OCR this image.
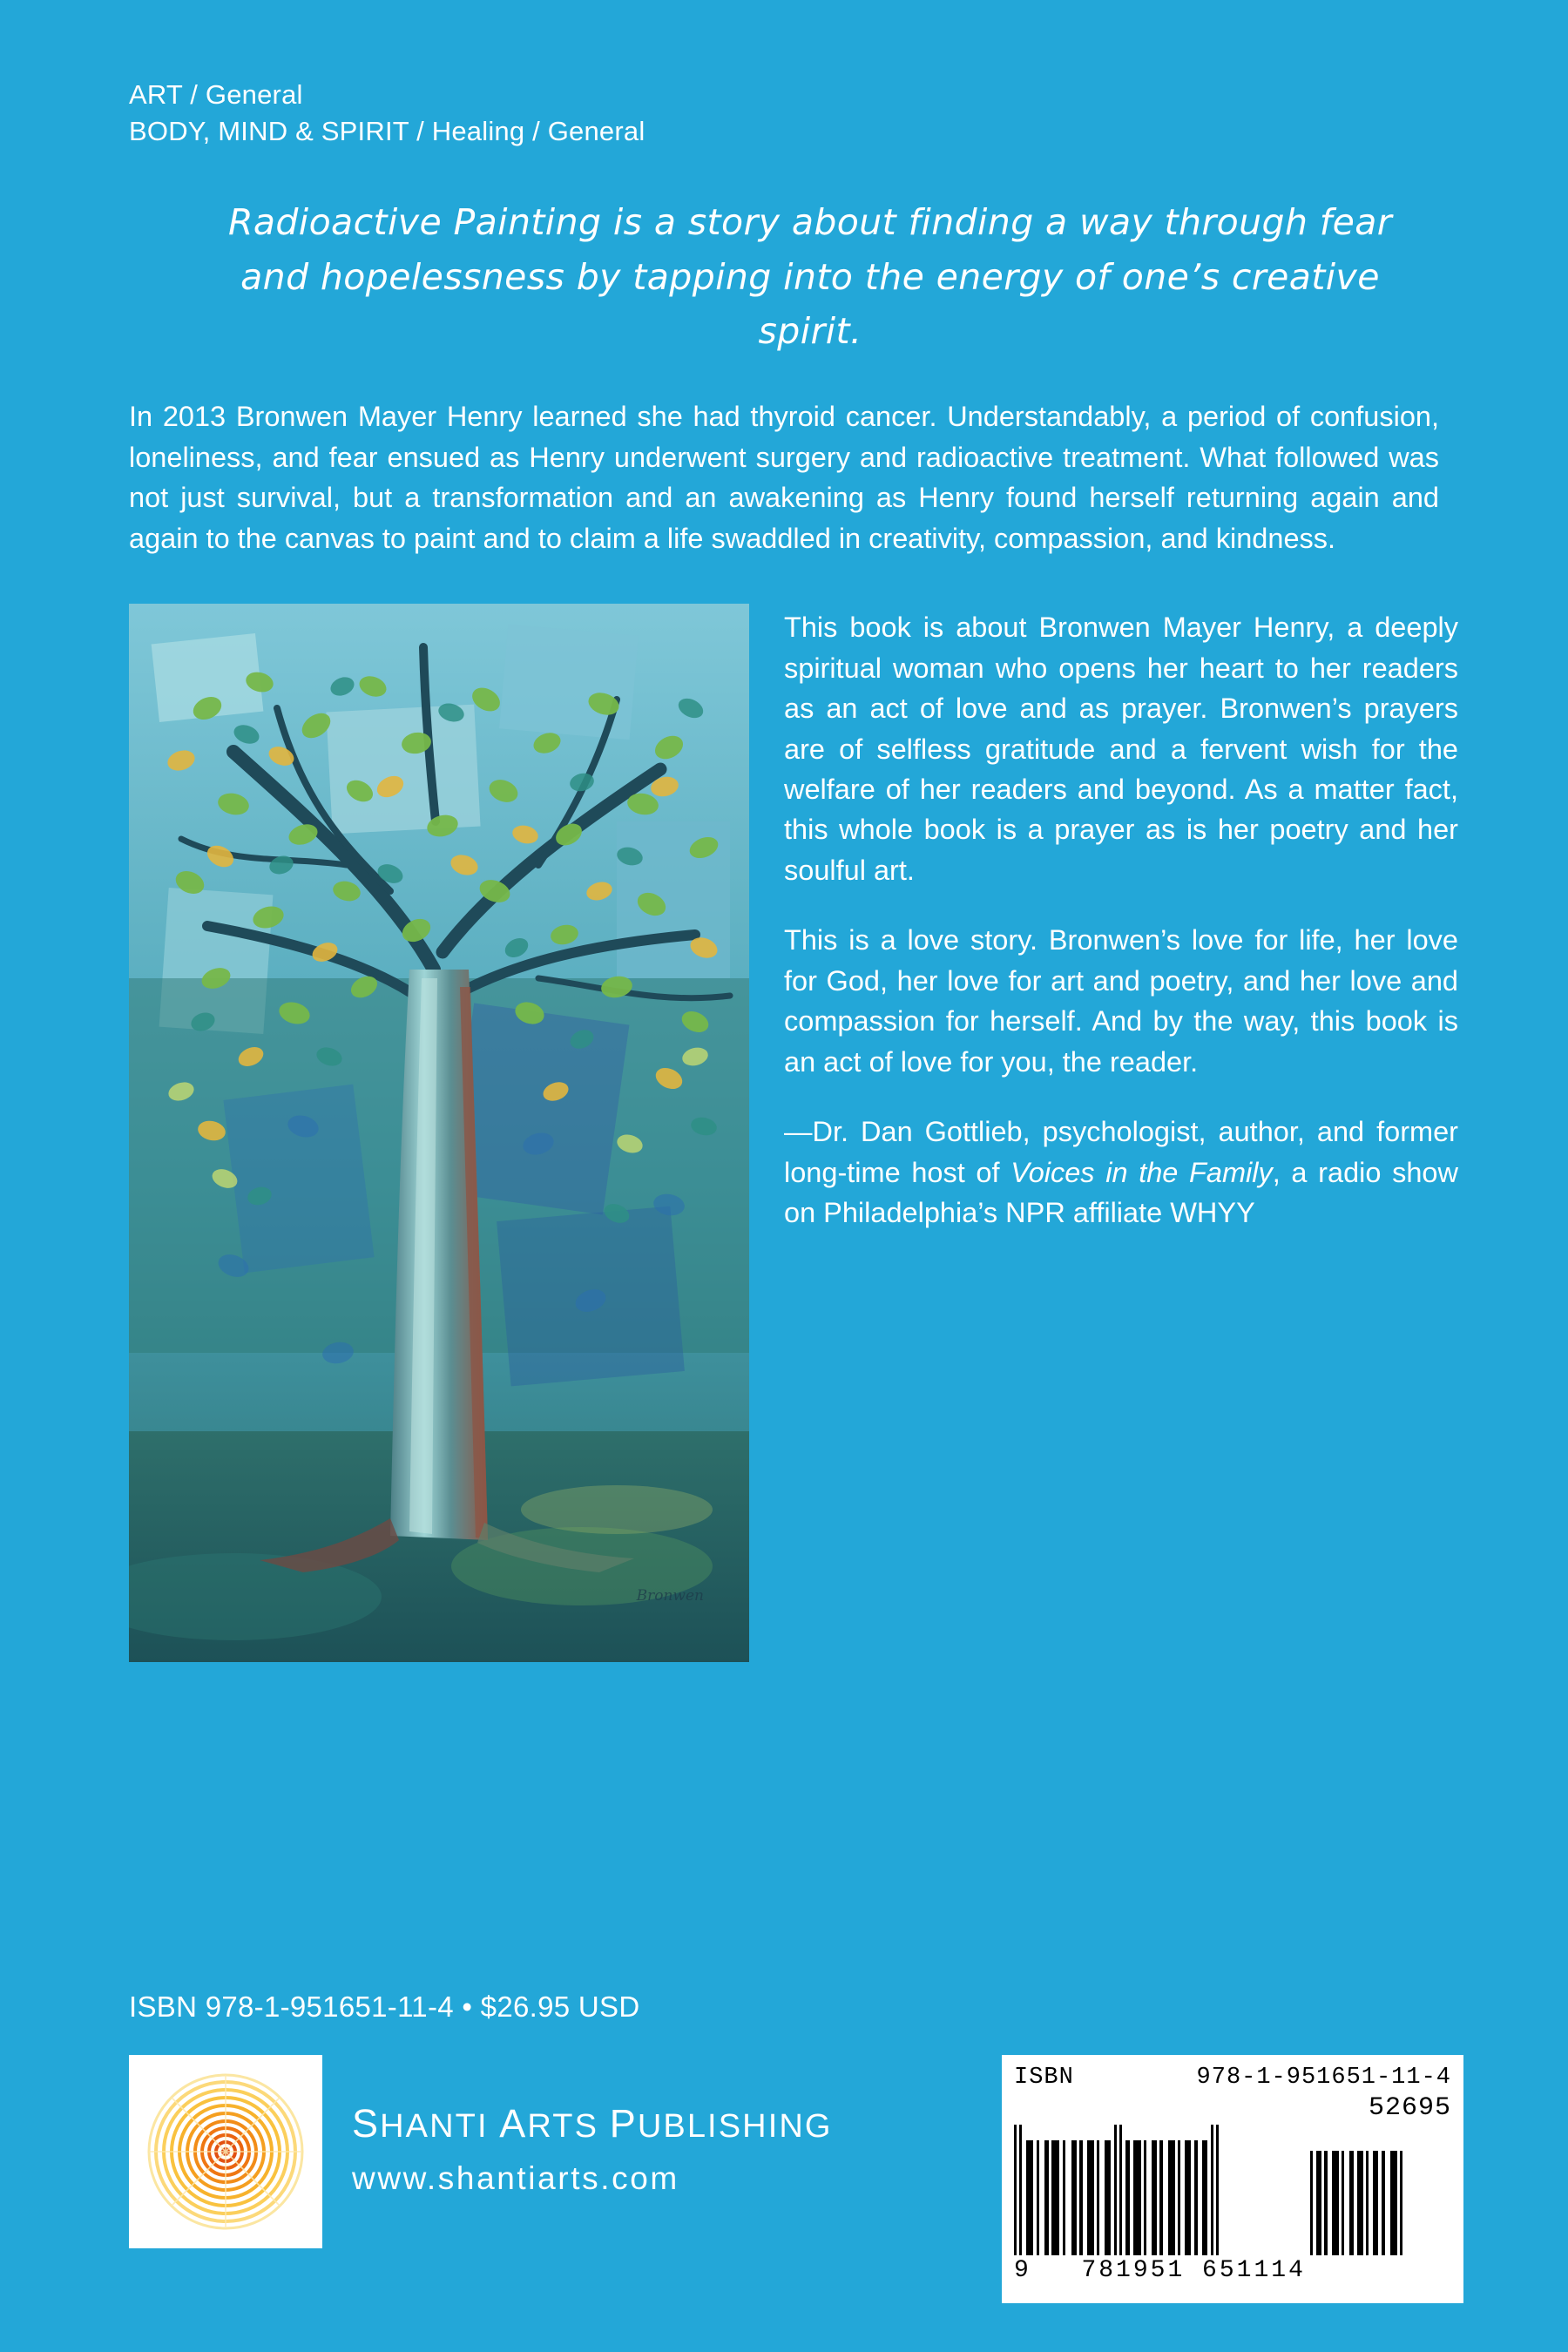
ART / General
BODY, MIND & SPIRIT / Healing / General
Radioactive Painting is a story about finding a way through fear and hopelessness by tapping into the energy of one’s creative spirit.
In 2013 Bronwen Mayer Henry learned she had thyroid cancer. Understandably, a period of confusion, loneliness, and fear ensued as Henry underwent surgery and radioactive treatment. What followed was not just survival, but a transformation and an awakening as Henry found herself returning again and again to the canvas to paint and to claim a life swaddled in creativity, compassion, and kindness.
Bronwen

This book is about Bronwen Mayer Henry, a deeply spiritual woman who opens her heart to her readers as an act of love and as prayer. Bronwen’s prayers are of selfless gratitude and a fervent wish for the welfare of her readers and beyond. As a matter fact, this whole book is a prayer as is her poetry and her soulful art.

This is a love story. Bronwen’s love for life, her love for God, her love for art and poetry, and her love and compassion for herself. And by the way, this book is an act of love for you, the reader.

—Dr. Dan Gottlieb, psychologist, author, and former long-time host of Voices in the Family, a radio show on Philadelphia’s NPR affiliate WHYY

ISBN 978-1-951651-11-4 • $26.95 USD
SHANTI ARTS PUBLISHING
www.shantiarts.com
ISBN	978-1-951651-11-4
52695
9 781951 651114
